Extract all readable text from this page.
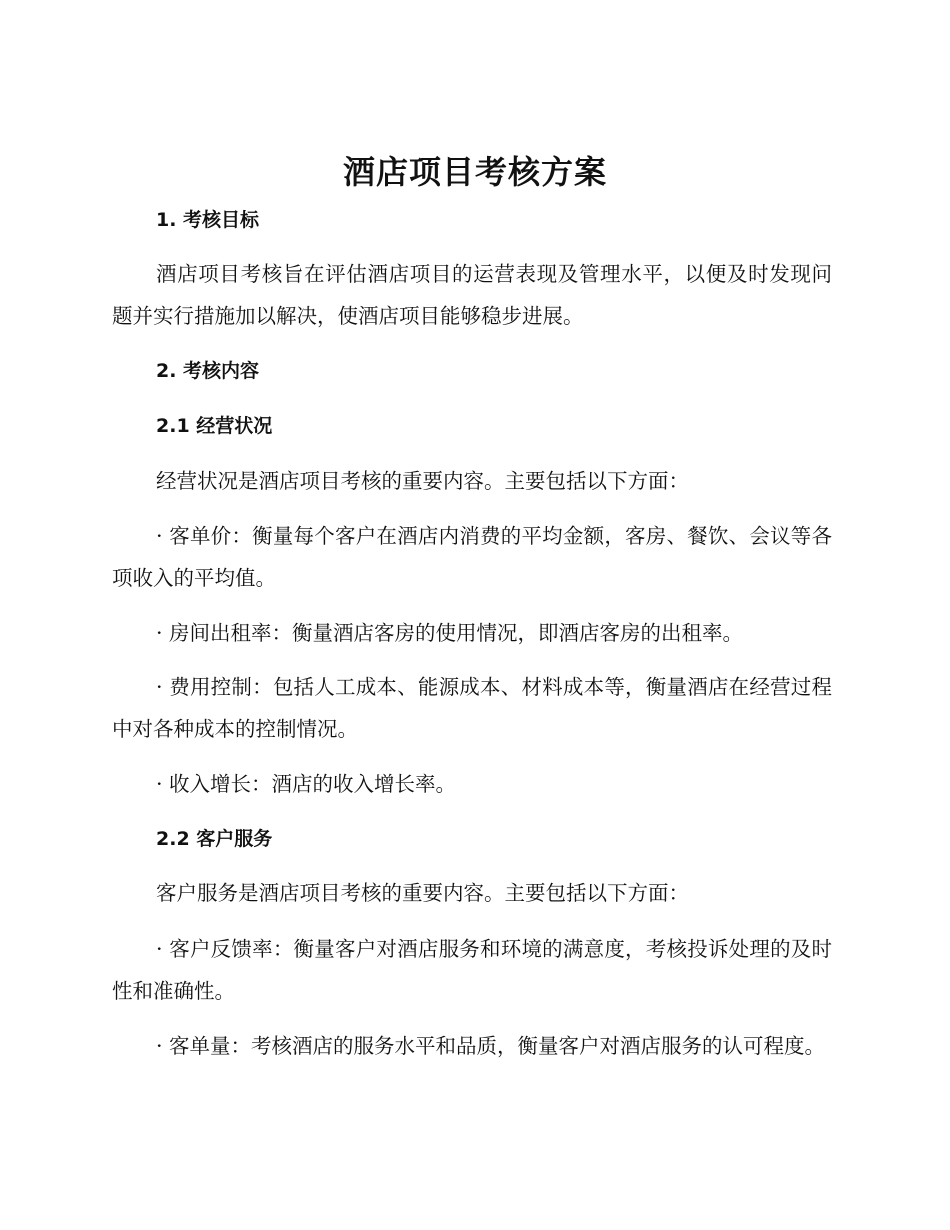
酒店项目考核方案

1. 考核目标

酒店项目考核旨在评估酒店项目的运营表现及管理水平，以便及时发现问题并实行措施加以解决，使酒店项目能够稳步进展。

2. 考核内容

2.1 经营状况

经营状况是酒店项目考核的重要内容。主要包括以下方面：

· 客单价：衡量每个客户在酒店内消费的平均金额，客房、餐饮、会议等各项收入的平均值。

· 房间出租率：衡量酒店客房的使用情况，即酒店客房的出租率。

· 费用控制：包括人工成本、能源成本、材料成本等，衡量酒店在经营过程中对各种成本的控制情况。

· 收入增长：酒店的收入增长率。

2.2 客户服务

客户服务是酒店项目考核的重要内容。主要包括以下方面：

· 客户反馈率：衡量客户对酒店服务和环境的满意度，考核投诉处理的及时性和准确性。

· 客单量：考核酒店的服务水平和品质，衡量客户对酒店服务的认可程度。
